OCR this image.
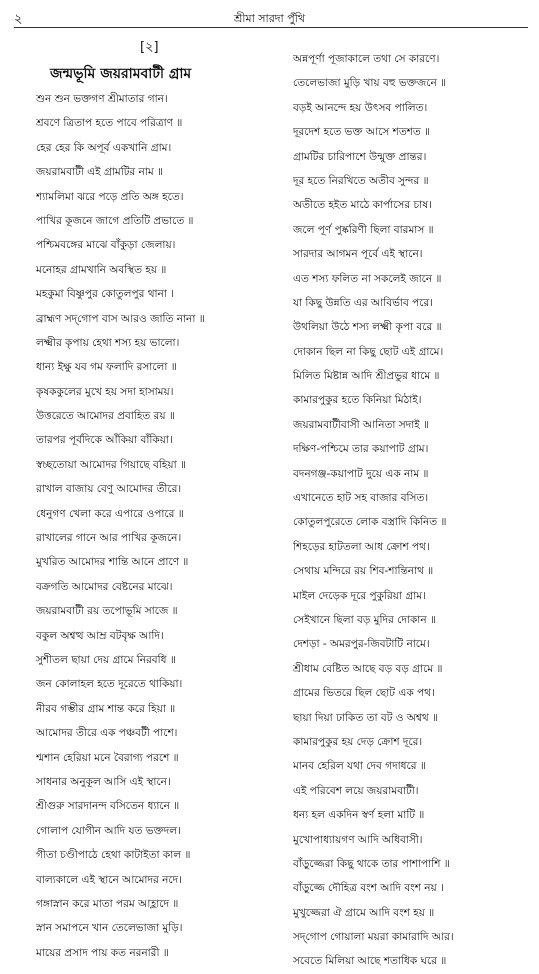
২	শ্রীমা সারদা পুঁথি
[২]
জন্মভূমি জয়রামবাটী গ্রাম
শুন শুন ভক্তগণ শ্রীমাতার গান।
শ্রবণে ত্রিতাপ হতে পাবে পরিত্রাণ ॥
হের হের কি অপূর্ব একখানি গ্রাম।
জয়রামবাটী এই গ্রামটির নাম ॥
শ্যামলিমা ঝরে পড়ে প্রতি অঙ্গ হতে।
পাখির কূজনে জাগে প্রতিটি প্রভাতে ॥
পশ্চিমবঙ্গের মাঝে বাঁকুড়া জেলায়।
মনোহর গ্রামখানি অবস্থিত হয় ॥
মহকুমা বিষ্ণুপুর কোতুলপুর থানা ।
ব্রাহ্মণ সদ্‌গোপ বাস আরও জাতি নানা ॥
লক্ষ্মীর কৃপায় হেথা শস্য হয় ভালো।
ধান্য ইক্ষু যব গম ফলাদি রসালো ॥
কৃষককুলের মুখে হয় সদা হাসাময়।
উত্তরেতে আমোদর প্রবাহিত রয় ॥
তারপর পূর্বদিকে আঁকিয়া বাঁকিয়া।
স্বচ্ছতোয়া আমোদর গিয়াছে বহিয়া ॥
রাখাল বাজায় বেণু আমোদর তীরে।
ধেনুগণ খেলা করে এপারে ওপারে ॥
রাখালের গানে আর পাখির কূজনে।
মুখরিত আমোদর শান্তি আনে প্রাণে ॥
বক্রগতি আমোদর বেষ্টনের মাঝে।
জয়রামবাটী রয় তপোভূমি সাজে ॥
বকুল অশ্বত্থ আম্র বটবৃক্ষ আদি।
সুশীতল ছায়া দেয় গ্রামে নিরবধি ॥
জন কোলাহল হতে দূরেতে থাকিয়া।
নীরব গম্ভীর গ্রাম শান্ত করে হিয়া ॥
আমোদর তীরে এক পঞ্চবটী পাশে।
শ্মশান হেরিয়া মনে বৈরাগ্য পরশে ॥
সাধনার অনুকূল আসি এই স্থানে।
শ্রীগুরু সারদানন্দ বসিতেন ধ্যানে ॥
গোলাপ যোগীন আদি যত ভক্তদল।
গীতা চণ্ডীপাঠে হেথা কাটাইতা কাল ॥
বাল্যকালে এই স্থানে আমোদর নদে।
গঙ্গাস্নান করে মাতা পরম আহ্লাদে ॥
স্নান সমাপনে খান তেলেভাজা মুড়ি।
মায়ের প্রসাদ পায় কত নরনারী ॥
অন্নপূর্ণা পূজাকালে তথা সে কারণে।
তেলেভাজা মুড়ি খায় বহু ভক্তজনে ॥
বড়ই আনন্দে হয় উৎসব পালিত।
দূরদেশ হতে ভক্ত আসে শতশত ॥
গ্রামটির চারিপাশে উন্মুক্ত প্রান্তর।
দূর হতে নিরখিতে অতীব সুন্দর ॥
অতীতে হইত মাঠে কার্পাসের চাষ।
জলে পূর্ণ পুষ্করিণী ছিলা বারমাস ॥
সারদার আগমন পূর্বে এই স্থানে।
এত শস্য ফলিত না সকলেই জানে ॥
যা কিছু উন্নতি এর আবির্ভাব পরে।
উথলিয়া উঠে শস্য লক্ষ্মী কৃপা বরে ॥
দোকান ছিল না কিছু ছোট এই গ্রামে।
মিলিত মিষ্টান্ন আদি শ্রীপ্রভুর ধামে ॥
কামারপুকুর হতে কিনিয়া মিঠাই।
জয়রামবাটীবাসী আনিতা সদাই ॥
দক্ষিণ-পশ্চিমে তার কয়াপাট গ্রাম।
বদনগঞ্জ-কয়াপাট দুয়ে এক নাম ॥
এখানেতে হাট সহ বাজার বসিত।
কোতুলপুরেতে লোক বস্ত্রাদি কিনিত ॥
শিহড়ের হাটতলা আধ ক্রোশ পথ।
সেথায় মন্দিরে রয় শিব-শান্তিনাথ ॥
মাইল দেড়েক দূরে পুকুরিয়া গ্রাম।
সেইখানে ছিলা বড় মুদির দোকান ॥
দেশড়া - অমরপুর-জিবটাটি নামে।
শ্রীধাম বেষ্টিত আছে বড় বড় গ্রামে ॥
গ্রামের ভিতরে ছিল ছোট এক পথ।
ছায়া দিয়া ঢাকিত তা বট ও অশ্বথ ॥
কামারপুকুর হয় দেড় ক্রোশ দূরে।
মানব হেরিল যথা দেব গদাধরে ॥
এই পরিবেশ লয়ে জয়রামবাটী।
ধন্য হল একদিন স্বর্ণ হলা মাটি ॥
মুখোপাধ্যায়গণ আদি অধিবাসী।
বাঁড়ুজ্জেরা কিছু থাকে তার পাশাপাশি ॥
বাঁড়ুজ্জে দৌহিত্র বংশ আদি বংশ নয় ।
মুখুজ্জেরা ঐ গ্রামে আদি বংশ হয় ॥
সদ্‌গোপ গোয়ালা ময়রা কামারাদি আর।
সবেতে মিলিয়া আছে শতাধিক ঘরে ॥
